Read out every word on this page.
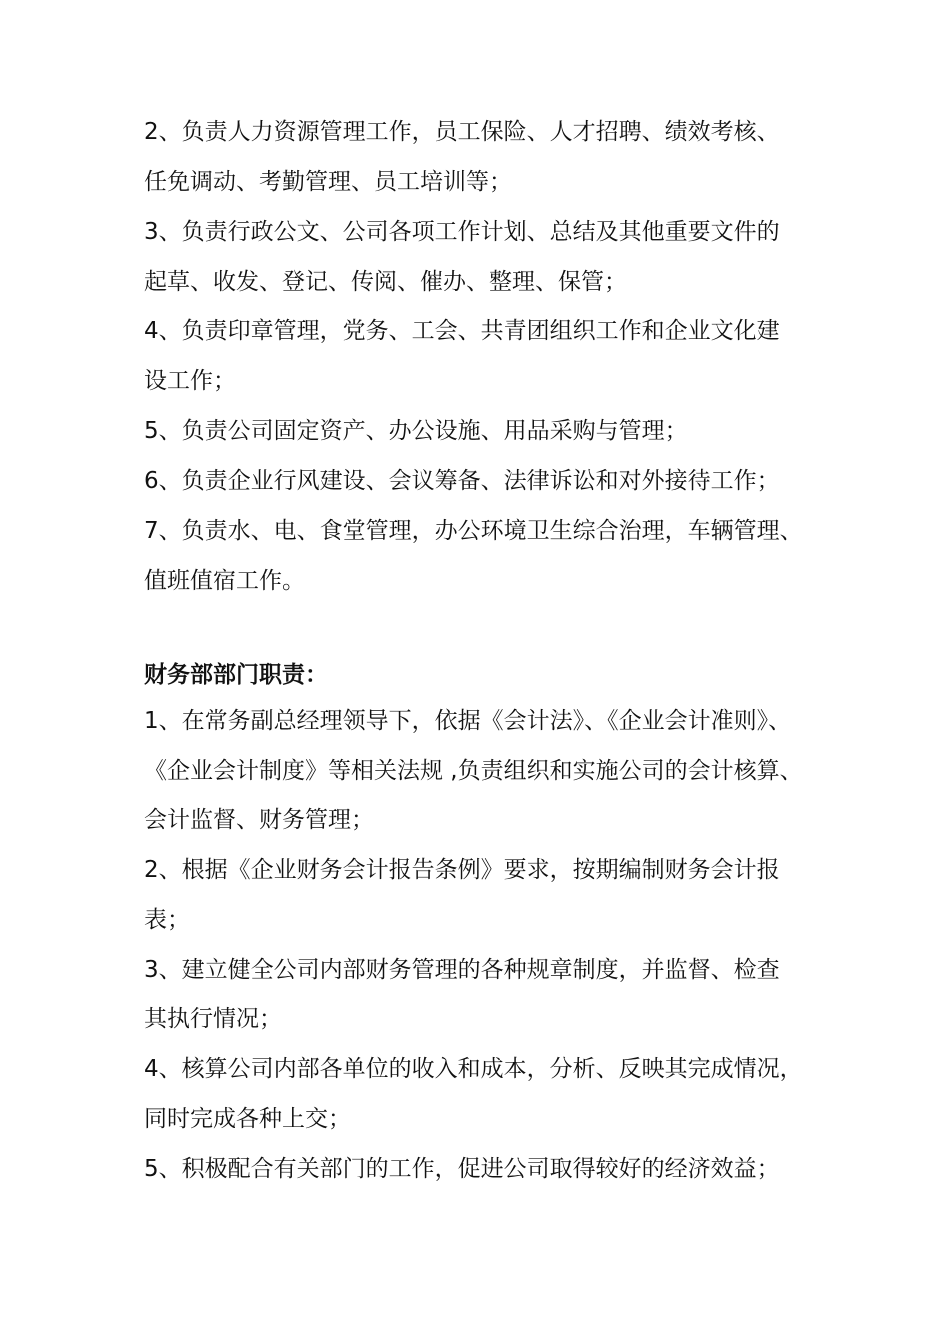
2、负责人力资源管理工作，员工保险、人才招聘、绩效考核、
任免调动、考勤管理、员工培训等；
3、负责行政公文、公司各项工作计划、总结及其他重要文件的
起草、收发、登记、传阅、催办、整理、保管；
4、负责印章管理，党务、工会、共青团组织工作和企业文化建
设工作；
5、负责公司固定资产、办公设施、用品采购与管理；
6、负责企业行风建设、会议筹备、法律诉讼和对外接待工作；
7、负责水、电、食堂管理，办公环境卫生综合治理，车辆管理、
值班值宿工作。
财务部部门职责：
1、在常务副总经理领导下，依据《会计法》、《企业会计准则》、
《企业会计制度》等相关法规 ,负责组织和实施公司的会计核算、
会计监督、财务管理；
2、根据《企业财务会计报告条例》要求，按期编制财务会计报
表；
3、建立健全公司内部财务管理的各种规章制度，并监督、检查
其执行情况；
4、核算公司内部各单位的收入和成本，分析、反映其完成情况，
同时完成各种上交；
5、积极配合有关部门的工作，促进公司取得较好的经济效益；
